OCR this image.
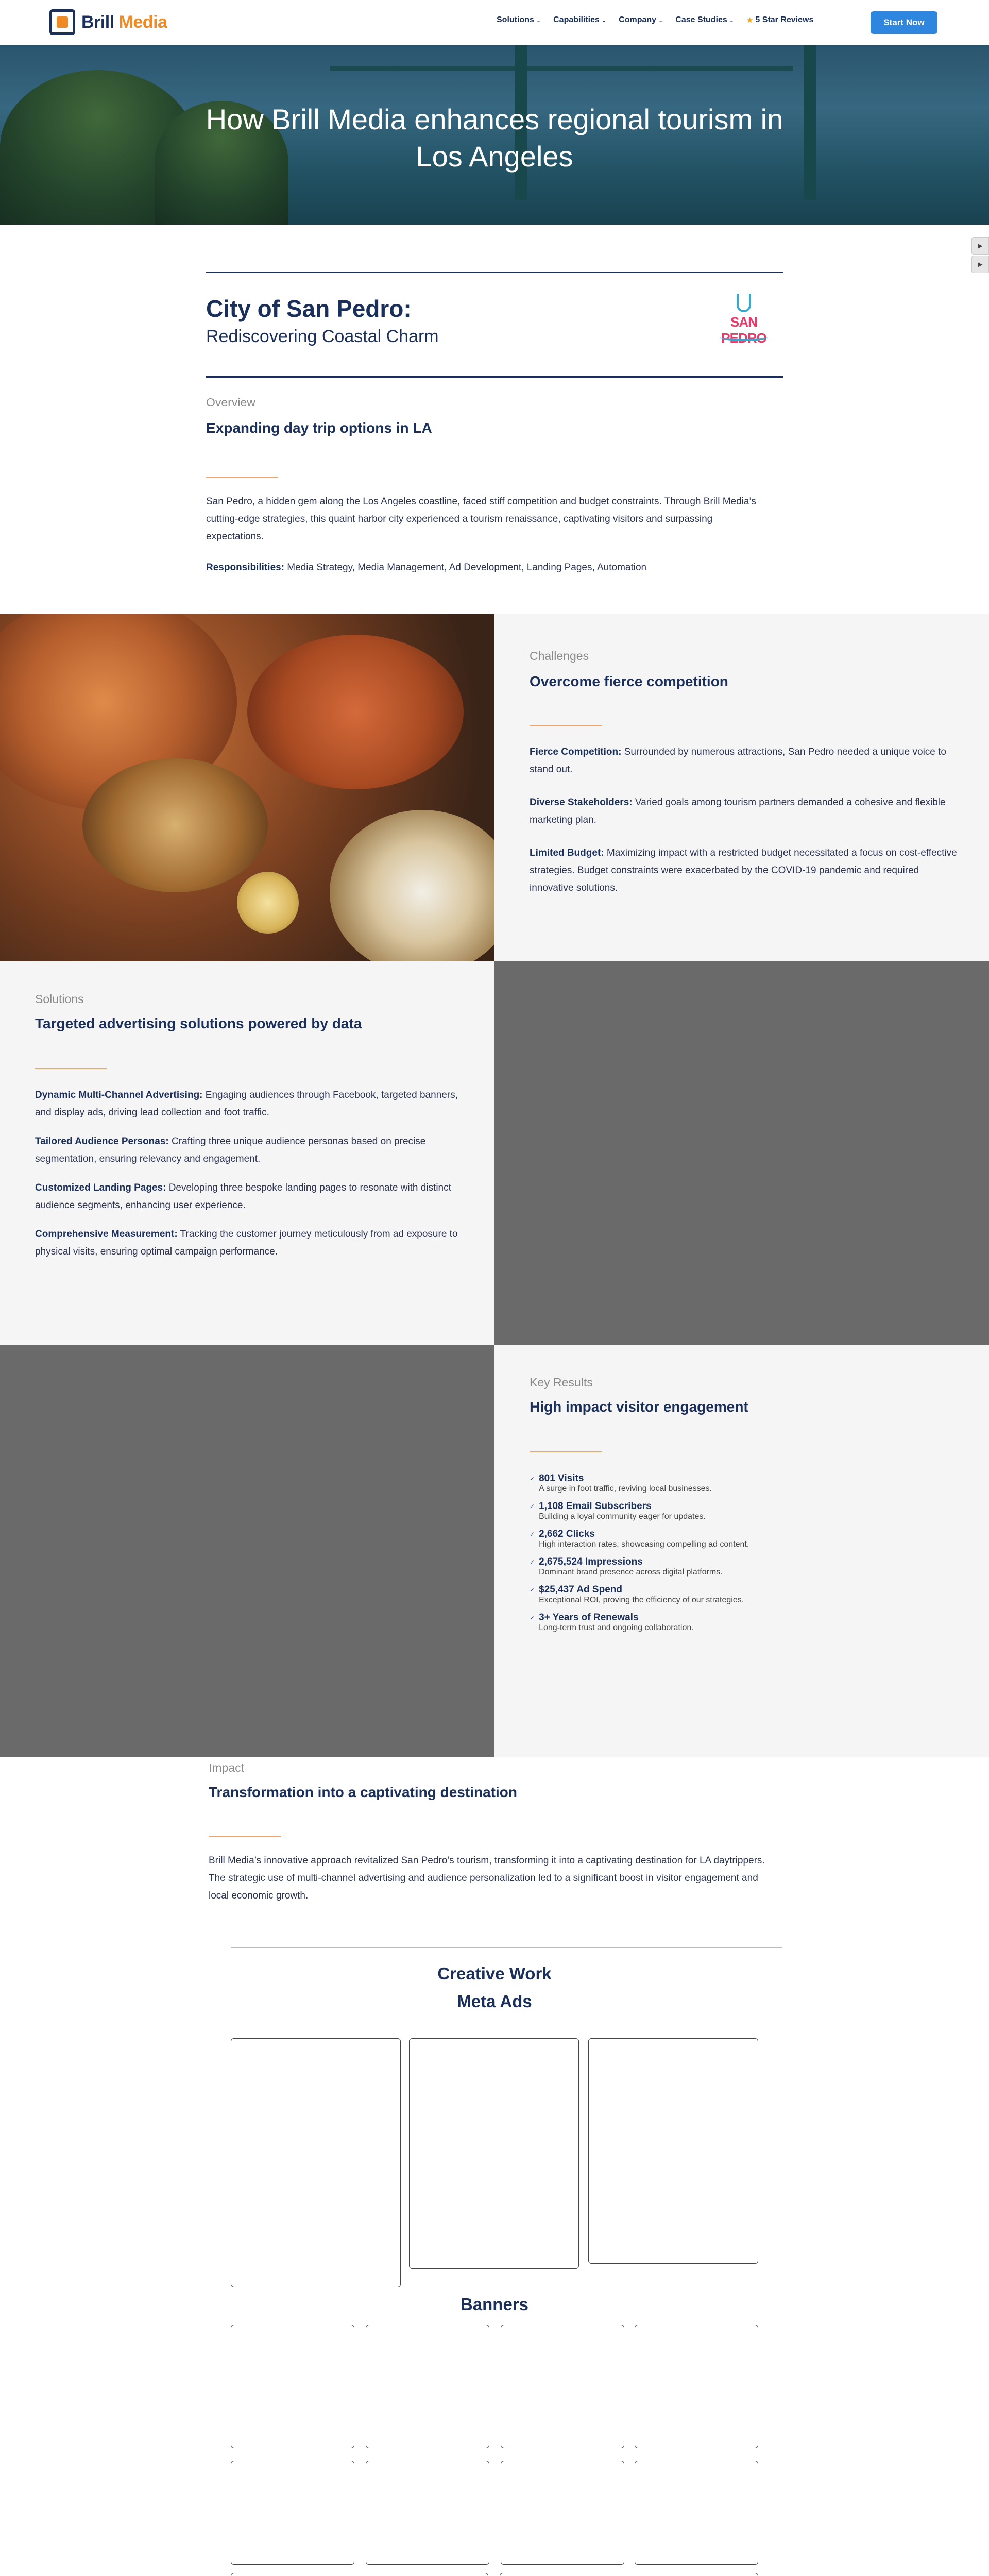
Brill Media	Solutions ⌄ Capabilities ⌄ Company ⌄ Case Studies ⌄ ★ 5 Star Reviews	Start Now
How Brill Media enhances regional tourism in Los Angeles
▶
▶
City of San Pedro:
Rediscovering Coastal Charm
SAN PEDRO
Overview
Expanding day trip options in LA

San Pedro, a hidden gem along the Los Angeles coastline, faced stiff competition and budget constraints. Through Brill Media’s cutting-edge strategies, this quaint harbor city experienced a tourism renaissance, captivating visitors and surpassing expectations.

Responsibilities: Media Strategy, Media Management, Ad Development, Landing Pages, Automation

Challenges
Overcome fierce competition

Fierce Competition: Surrounded by numerous attractions, San Pedro needed a unique voice to stand out.

Diverse Stakeholders: Varied goals among tourism partners demanded a cohesive and flexible marketing plan.

Limited Budget: Maximizing impact with a restricted budget necessitated a focus on cost-effective strategies. Budget constraints were exacerbated by the COVID-19 pandemic and required innovative solutions.

Solutions
Targeted advertising solutions powered by data

Dynamic Multi-Channel Advertising: Engaging audiences through Facebook, targeted banners, and display ads, driving lead collection and foot traffic.

Tailored Audience Personas: Crafting three unique audience personas based on precise segmentation, ensuring relevancy and engagement.

Customized Landing Pages: Developing three bespoke landing pages to resonate with distinct audience segments, enhancing user experience.

Comprehensive Measurement: Tracking the customer journey meticulously from ad exposure to physical visits, ensuring optimal campaign performance.

Key Results
High impact visitor engagement
✓ 801 Visits
A surge in foot traffic, reviving local businesses.
✓ 1,108 Email Subscribers
Building a loyal community eager for updates.
✓ 2,662 Clicks
High interaction rates, showcasing compelling ad content.
✓ 2,675,524 Impressions
Dominant brand presence across digital platforms.
✓ $25,437 Ad Spend
Exceptional ROI, proving the efficiency of our strategies.
✓ 3+ Years of Renewals
Long-term trust and ongoing collaboration.
Impact
Transformation into a captivating destination

Brill Media’s innovative approach revitalized San Pedro’s tourism, transforming it into a captivating destination for LA daytrippers. The strategic use of multi-channel advertising and audience personalization led to a significant boost in visitor engagement and local economic growth.

Creative Work
Meta Ads
Banners
